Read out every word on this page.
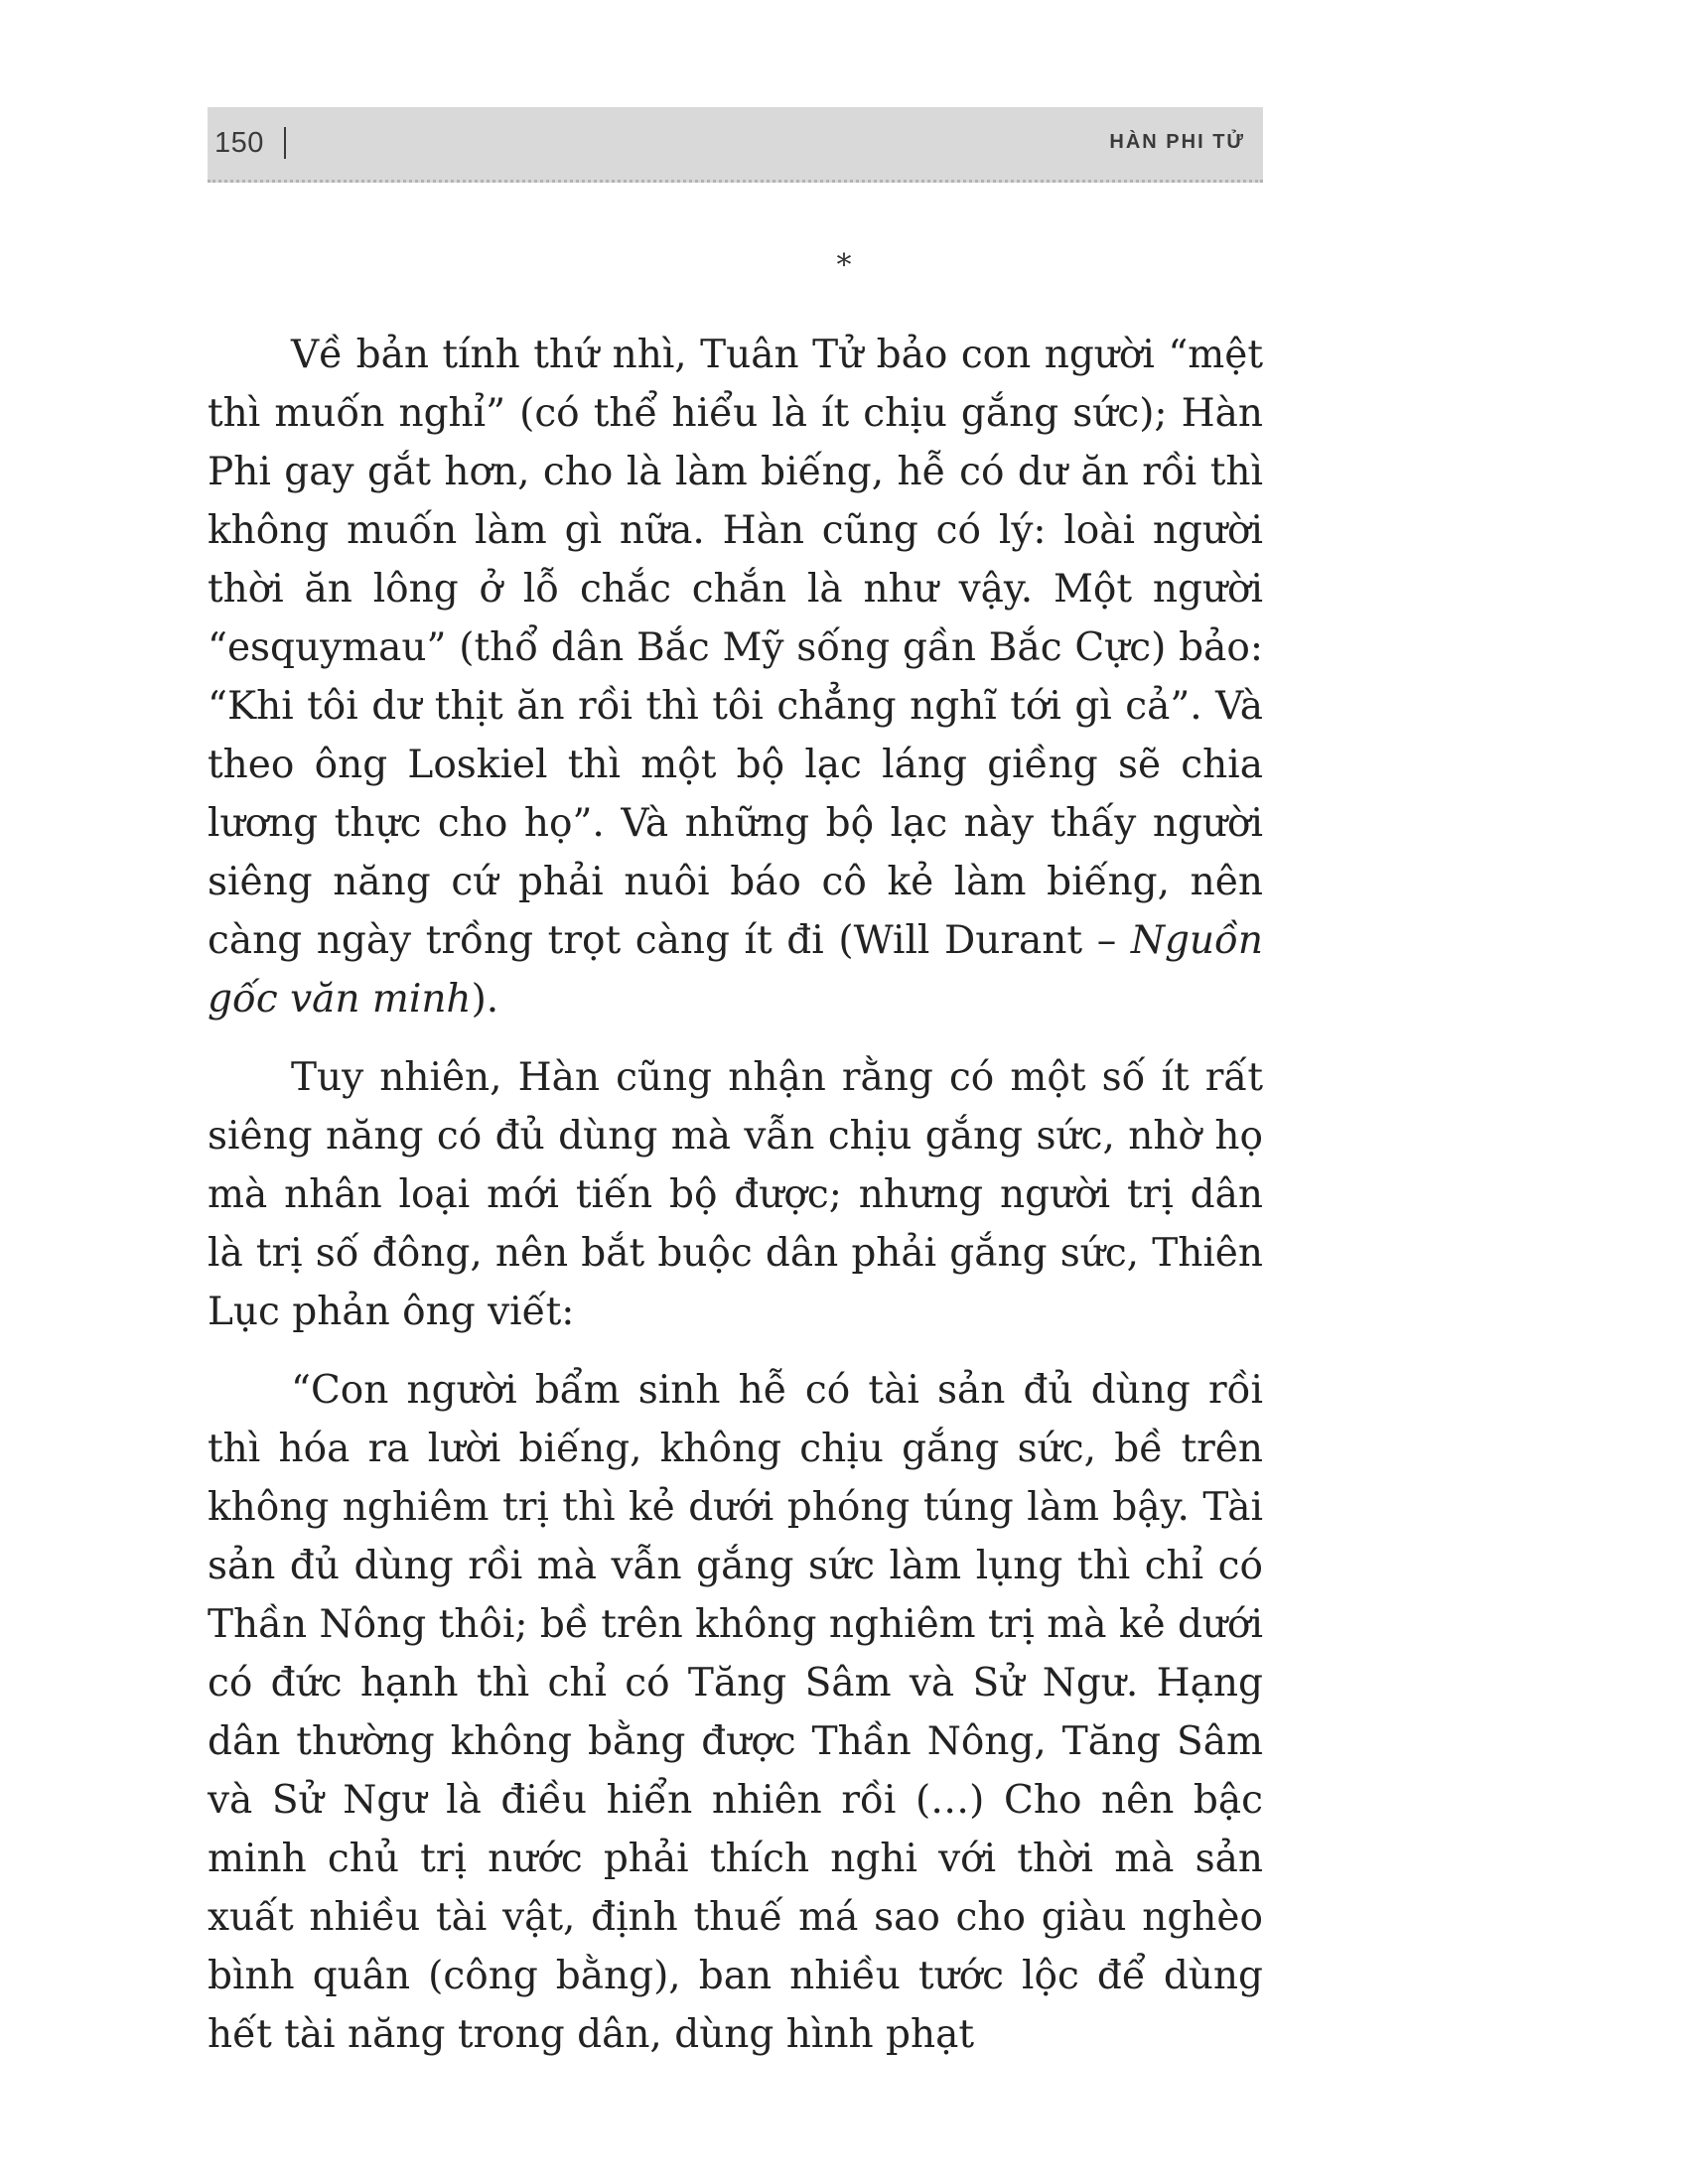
150	HÀN PHI TỬ
*

Về bản tính thứ nhì, Tuân Tử bảo con người “mệt thì muốn nghỉ” (có thể hiểu là ít chịu gắng sức); Hàn Phi gay gắt hơn, cho là làm biếng, hễ có dư ăn rồi thì không muốn làm gì nữa. Hàn cũng có lý: loài người thời ăn lông ở lỗ chắc chắn là như vậy. Một người “esquymau” (thổ dân Bắc Mỹ sống gần Bắc Cực) bảo: “Khi tôi dư thịt ăn rồi thì tôi chẳng nghĩ tới gì cả”. Và theo ông Loskiel thì một bộ lạc láng giềng sẽ chia lương thực cho họ”. Và những bộ lạc này thấy người siêng năng cứ phải nuôi báo cô kẻ làm biếng, nên càng ngày trồng trọt càng ít đi (Will Durant – Nguồn gốc văn minh).

Tuy nhiên, Hàn cũng nhận rằng có một số ít rất siêng năng có đủ dùng mà vẫn chịu gắng sức, nhờ họ mà nhân loại mới tiến bộ được; nhưng người trị dân là trị số đông, nên bắt buộc dân phải gắng sức, Thiên Lục phản ông viết:

“Con người bẩm sinh hễ có tài sản đủ dùng rồi thì hóa ra lười biếng, không chịu gắng sức, bề trên không nghiêm trị thì kẻ dưới phóng túng làm bậy. Tài sản đủ dùng rồi mà vẫn gắng sức làm lụng thì chỉ có Thần Nông thôi; bề trên không nghiêm trị mà kẻ dưới có đức hạnh thì chỉ có Tăng Sâm và Sử Ngư. Hạng dân thường không bằng được Thần Nông, Tăng Sâm và Sử Ngư là điều hiển nhiên rồi (…) Cho nên bậc minh chủ trị nước phải thích nghi với thời mà sản xuất nhiều tài vật, định thuế má sao cho giàu nghèo bình quân (công bằng), ban nhiều tước lộc để dùng hết tài năng trong dân, dùng hình phạt
